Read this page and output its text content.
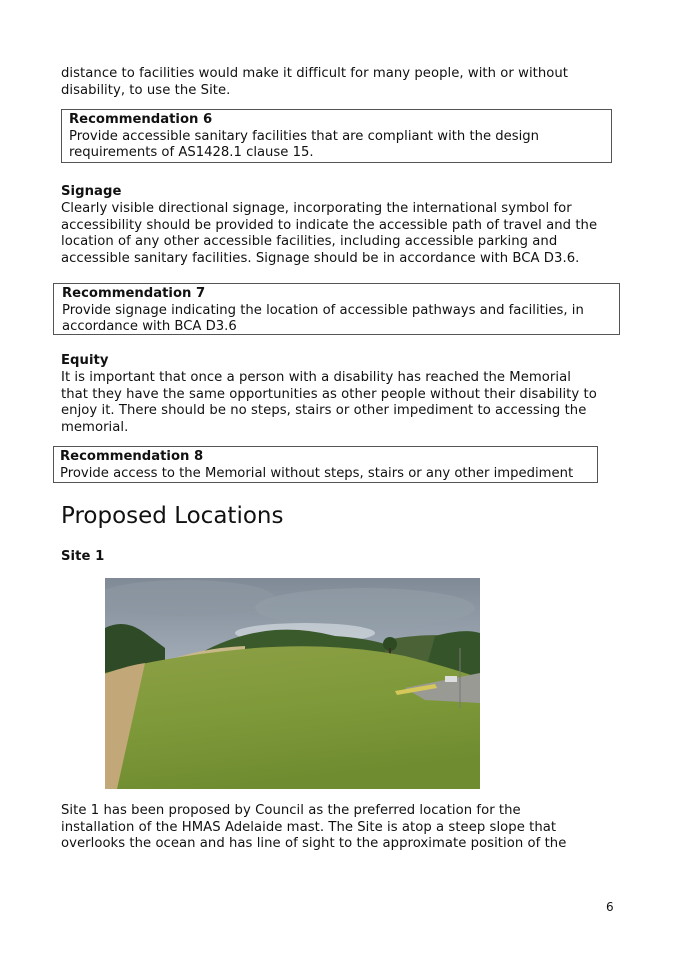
distance to facilities would make it difficult for many people, with or without
disability, to use the Site.

Recommendation 6
Provide accessible sanitary facilities that are compliant with the design
requirements of AS1428.1 clause 15.

Signage

Clearly visible directional signage, incorporating the international symbol for
accessibility should be provided to indicate the accessible path of travel and the
location of any other accessible facilities, including accessible parking and
accessible sanitary facilities. Signage should be in accordance with BCA D3.6.

Recommendation 7
Provide signage indicating the location of accessible pathways and facilities, in
accordance with BCA D3.6

Equity

It is important that once a person with a disability has reached the Memorial
that they have the same opportunities as other people without their disability to
enjoy it. There should be no steps, stairs or other impediment to accessing the
memorial.

Recommendation 8
Provide access to the Memorial without steps, stairs or any other impediment
Proposed Locations

Site 1

Site 1 has been proposed by Council as the preferred location for the
installation of the HMAS Adelaide mast. The Site is atop a steep slope that
overlooks the ocean and has line of sight to the approximate position of the

6
